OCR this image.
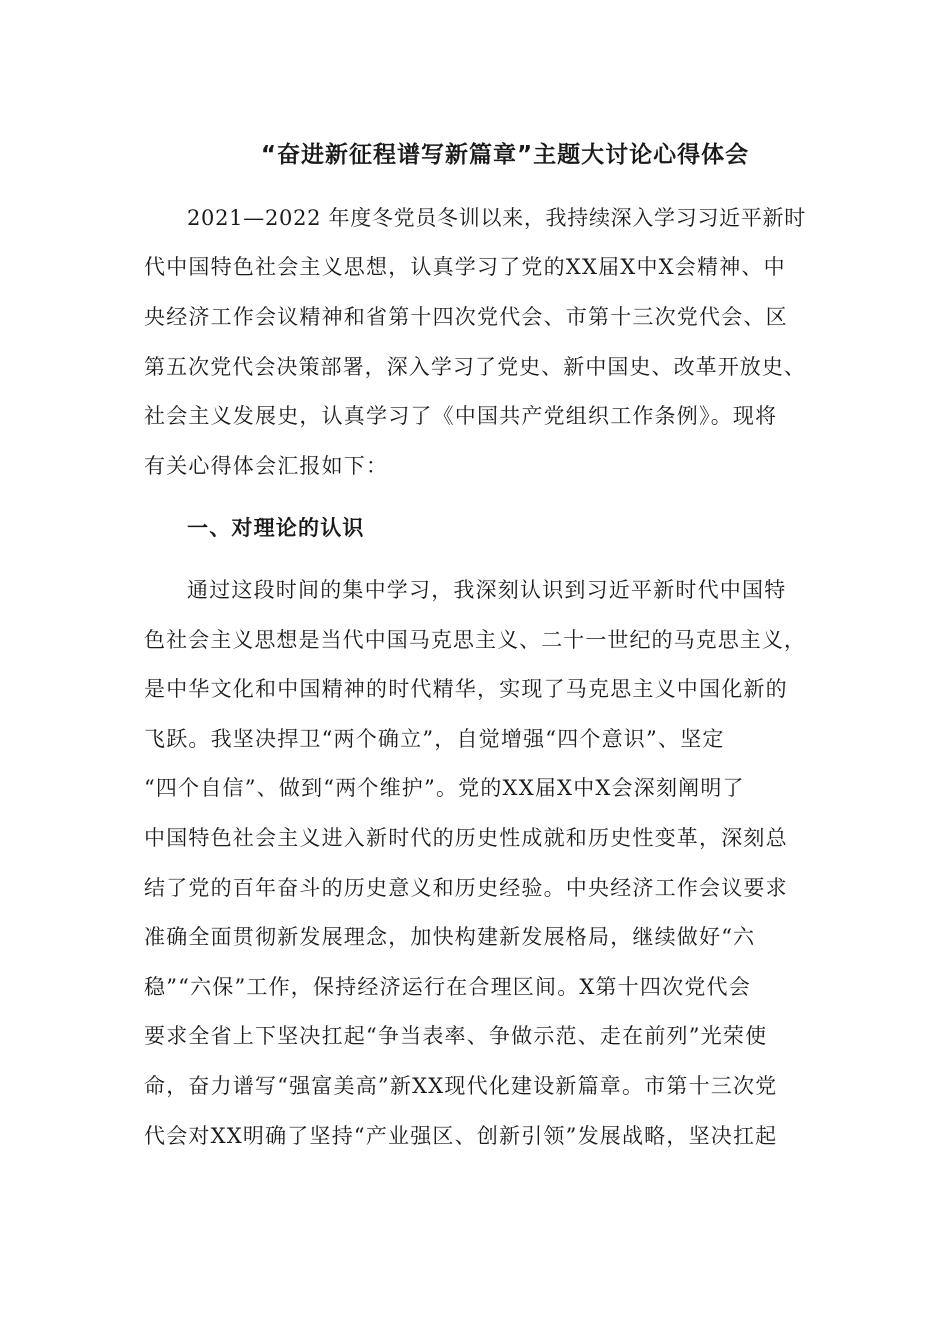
“奋进新征程谱写新篇章”主题大讨论心得体会
2021—2022 年度冬党员冬训以来，我持续深入学习习近平新时
代中国特色社会主义思想，认真学习了党的XX届X中X会精神、中
央经济工作会议精神和省第十四次党代会、市第十三次党代会、区
第五次党代会决策部署，深入学习了党史、新中国史、改革开放史、
社会主义发展史，认真学习了《中国共产党组织工作条例》。现将
有关心得体会汇报如下：
一、对理论的认识
通过这段时间的集中学习，我深刻认识到习近平新时代中国特
色社会主义思想是当代中国马克思主义、二十一世纪的马克思主义，
是中华文化和中国精神的时代精华，实现了马克思主义中国化新的
飞跃。我坚决捍卫“两个确立”，自觉增强“四个意识”、坚定
“四个自信”、做到“两个维护”。党的XX届X中X会深刻阐明了
中国特色社会主义进入新时代的历史性成就和历史性变革，深刻总
结了党的百年奋斗的历史意义和历史经验。中央经济工作会议要求
准确全面贯彻新发展理念，加快构建新发展格局，继续做好“六
稳”“六保”工作，保持经济运行在合理区间。X第十四次党代会
要求全省上下坚决扛起“争当表率、争做示范、走在前列”光荣使
命，奋力谱写“强富美高”新XX现代化建设新篇章。市第十三次党
代会对XX明确了坚持“产业强区、创新引领”发展战略，坚决扛起
